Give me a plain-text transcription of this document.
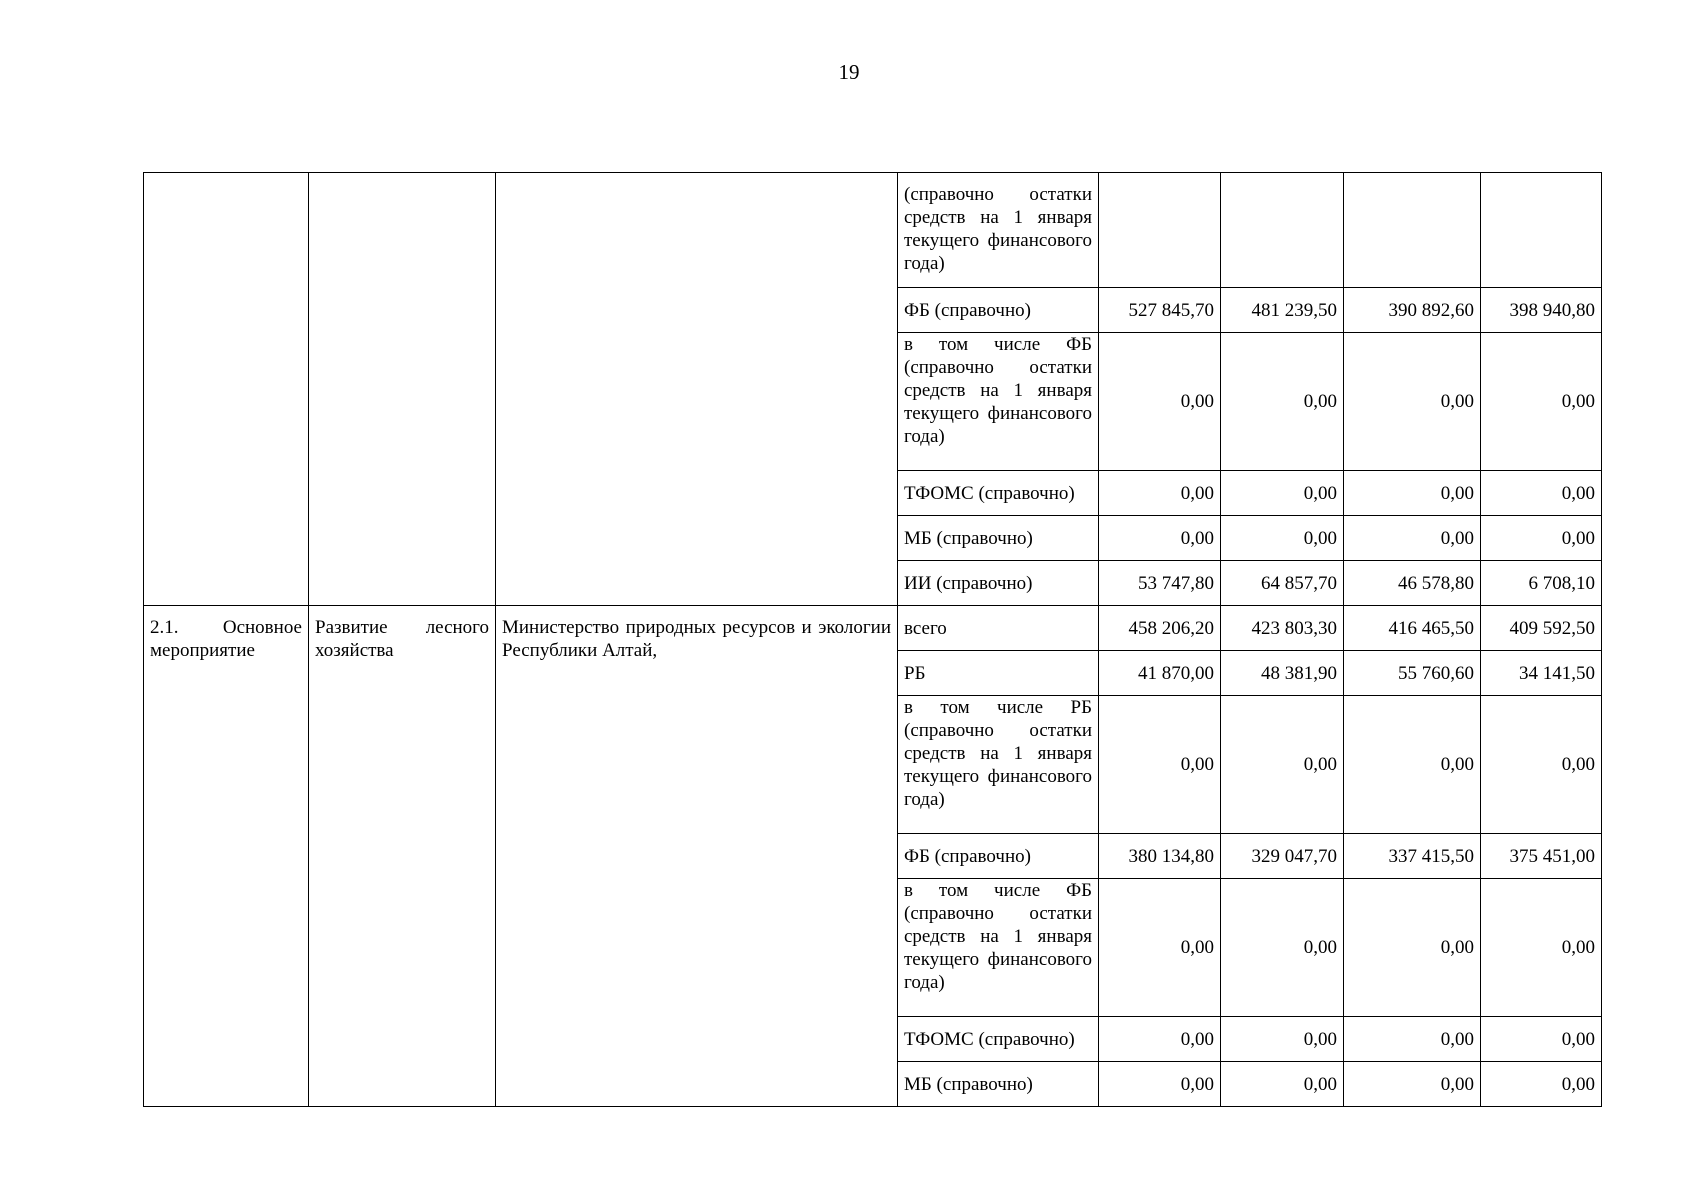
19
			(справочно остатки средств на 1 января текущего финансового года)				
			ФБ (справочно)	527 845,70	481 239,50	390 892,60	398 940,80
			в том числе ФБ (справочно остатки средств на 1 января текущего финансового года)	0,00	0,00	0,00	0,00
			ТФОМС (справочно)	0,00	0,00	0,00	0,00
			МБ (справочно)	0,00	0,00	0,00	0,00
			ИИ (справочно)	53 747,80	64 857,70	46 578,80	6 708,10
2.1. Основное мероприятие	Развитие лесного хозяйства	Министерство природных ресурсов и экологии Республики Алтай,	всего	458 206,20	423 803,30	416 465,50	409 592,50
			РБ	41 870,00	48 381,90	55 760,60	34 141,50
			в том числе РБ (справочно остатки средств на 1 января текущего финансового года)	0,00	0,00	0,00	0,00
			ФБ (справочно)	380 134,80	329 047,70	337 415,50	375 451,00
			в том числе ФБ (справочно остатки средств на 1 января текущего финансового года)	0,00	0,00	0,00	0,00
			ТФОМС (справочно)	0,00	0,00	0,00	0,00
			МБ (справочно)	0,00	0,00	0,00	0,00
